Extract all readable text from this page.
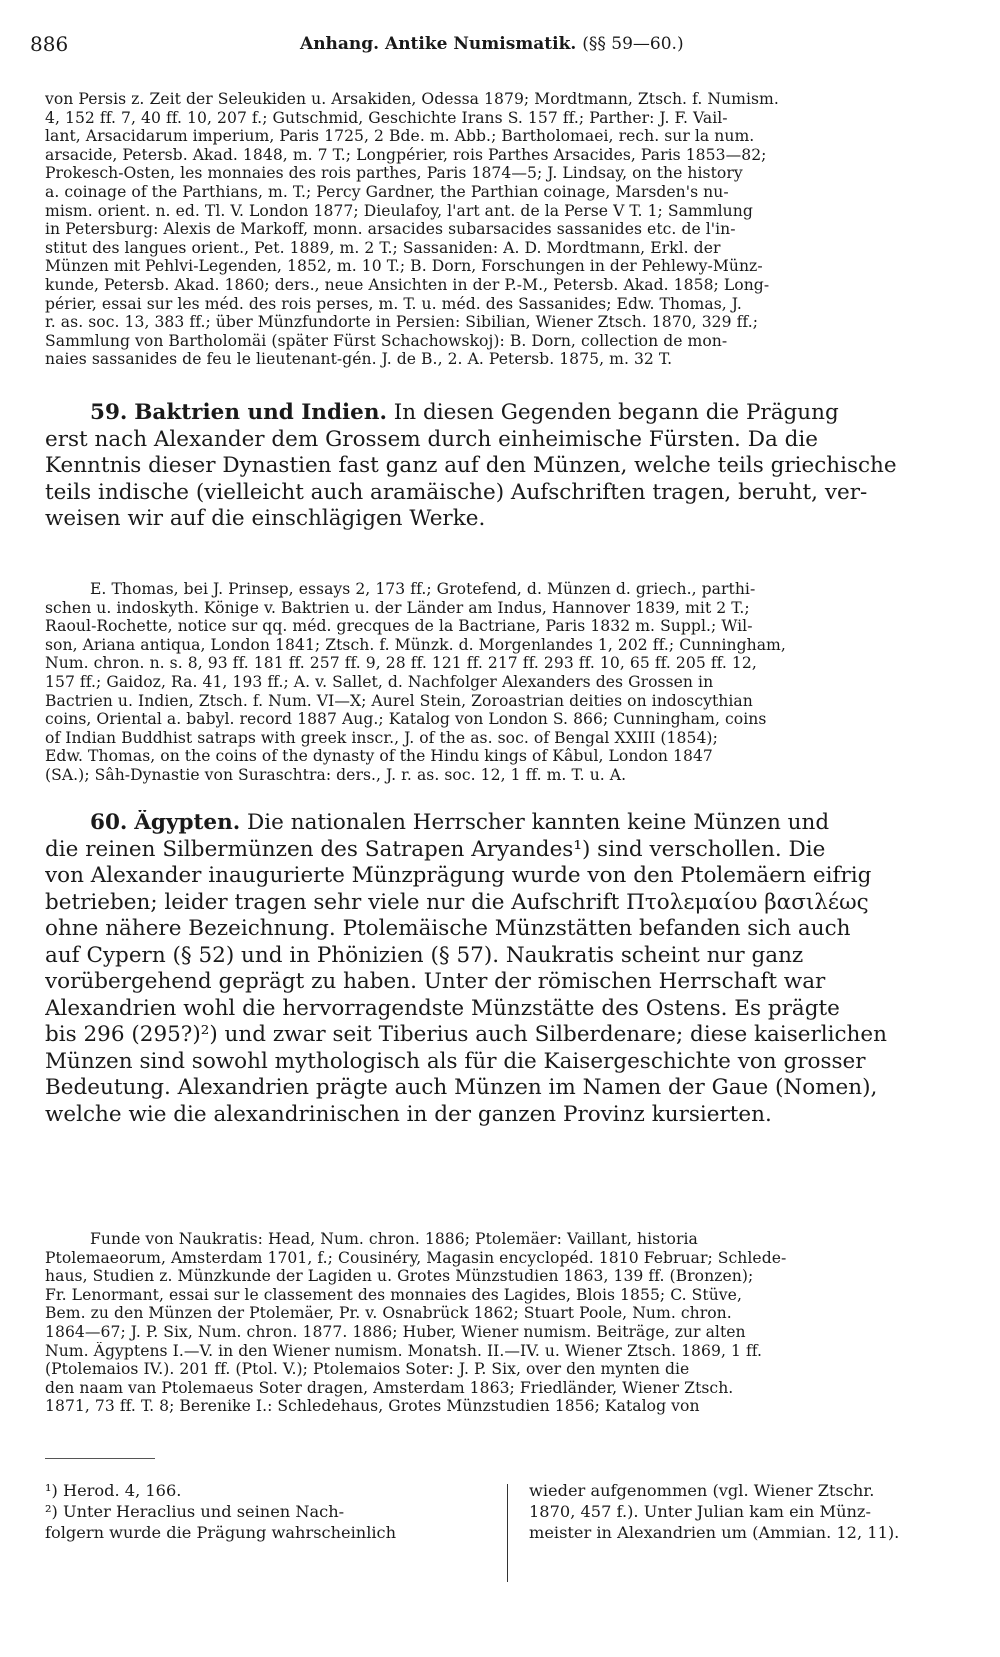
886	Anhang. Antike Numismatik. (§§ 59—60.)
von Persis z. Zeit der Seleukiden u. Arsakiden, Odessa 1879; Mordtmann, Ztsch. f. Numism.
4, 152 ff. 7, 40 ff. 10, 207 f.; Gutschmid, Geschichte Irans S. 157 ff.; Parther: J. F. Vail-
lant, Arsacidarum imperium, Paris 1725, 2 Bde. m. Abb.; Bartholomaei, rech. sur la num.
arsacide, Petersb. Akad. 1848, m. 7 T.; Longpérier, rois Parthes Arsacides, Paris 1853—82;
Prokesch-Osten, les monnaies des rois parthes, Paris 1874—5; J. Lindsay, on the history
a. coinage of the Parthians, m. T.; Percy Gardner, the Parthian coinage, Marsden's nu-
mism. orient. n. ed. Tl. V. London 1877; Dieulafoy, l'art ant. de la Perse V T. 1; Sammlung
in Petersburg: Alexis de Markoff, monn. arsacides subarsacides sassanides etc. de l'in-
stitut des langues orient., Pet. 1889, m. 2 T.; Sassaniden: A. D. Mordtmann, Erkl. der
Münzen mit Pehlvi-Legenden, 1852, m. 10 T.; B. Dorn, Forschungen in der Pehlewy-Münz-
kunde, Petersb. Akad. 1860; ders., neue Ansichten in der P.-M., Petersb. Akad. 1858; Long-
périer, essai sur les méd. des rois perses, m. T. u. méd. des Sassanides; Edw. Thomas, J.
r. as. soc. 13, 383 ff.; über Münzfundorte in Persien: Sibilian, Wiener Ztsch. 1870, 329 ff.;
Sammlung von Bartholomäi (später Fürst Schachowskoj): B. Dorn, collection de mon-
naies sassanides de feu le lieutenant-gén. J. de B., 2. A. Petersb. 1875, m. 32 T.
59. Baktrien und Indien. In diesen Gegenden begann die Prägung
erst nach Alexander dem Grossem durch einheimische Fürsten. Da die
Kenntnis dieser Dynastien fast ganz auf den Münzen, welche teils griechische
teils indische (vielleicht auch aramäische) Aufschriften tragen, beruht, ver-
weisen wir auf die einschlägigen Werke.
E. Thomas, bei J. Prinsep, essays 2, 173 ff.; Grotefend, d. Münzen d. griech., parthi-
schen u. indoskyth. Könige v. Baktrien u. der Länder am Indus, Hannover 1839, mit 2 T.;
Raoul-Rochette, notice sur qq. méd. grecques de la Bactriane, Paris 1832 m. Suppl.; Wil-
son, Ariana antiqua, London 1841; Ztsch. f. Münzk. d. Morgenlandes 1, 202 ff.; Cunningham,
Num. chron. n. s. 8, 93 ff. 181 ff. 257 ff. 9, 28 ff. 121 ff. 217 ff. 293 ff. 10, 65 ff. 205 ff. 12,
157 ff.; Gaidoz, Ra. 41, 193 ff.; A. v. Sallet, d. Nachfolger Alexanders des Grossen in
Bactrien u. Indien, Ztsch. f. Num. VI—X; Aurel Stein, Zoroastrian deities on indoscythian
coins, Oriental a. babyl. record 1887 Aug.; Katalog von London S. 866; Cunningham, coins
of Indian Buddhist satraps with greek inscr., J. of the as. soc. of Bengal XXIII (1854);
Edw. Thomas, on the coins of the dynasty of the Hindu kings of Kâbul, London 1847
(SA.); Sâh-Dynastie von Suraschtra: ders., J. r. as. soc. 12, 1 ff. m. T. u. A.
60. Ägypten. Die nationalen Herrscher kannten keine Münzen und
die reinen Silbermünzen des Satrapen Aryandes¹) sind verschollen. Die
von Alexander inaugurierte Münzprägung wurde von den Ptolemäern eifrig
betrieben; leider tragen sehr viele nur die Aufschrift Πτολεμαίου βασιλέως
ohne nähere Bezeichnung. Ptolemäische Münzstätten befanden sich auch
auf Cypern (§ 52) und in Phönizien (§ 57). Naukratis scheint nur ganz
vorübergehend geprägt zu haben. Unter der römischen Herrschaft war
Alexandrien wohl die hervorragendste Münzstätte des Ostens. Es prägte
bis 296 (295?)²) und zwar seit Tiberius auch Silberdenare; diese kaiserlichen
Münzen sind sowohl mythologisch als für die Kaisergeschichte von grosser
Bedeutung. Alexandrien prägte auch Münzen im Namen der Gaue (Nomen),
welche wie die alexandrinischen in der ganzen Provinz kursierten.
Funde von Naukratis: Head, Num. chron. 1886; Ptolemäer: Vaillant, historia
Ptolemaeorum, Amsterdam 1701, f.; Cousinéry, Magasin encyclopéd. 1810 Februar; Schlede-
haus, Studien z. Münzkunde der Lagiden u. Grotes Münzstudien 1863, 139 ff. (Bronzen);
Fr. Lenormant, essai sur le classement des monnaies des Lagides, Blois 1855; C. Stüve,
Bem. zu den Münzen der Ptolemäer, Pr. v. Osnabrück 1862; Stuart Poole, Num. chron.
1864—67; J. P. Six, Num. chron. 1877. 1886; Huber, Wiener numism. Beiträge, zur alten
Num. Ägyptens I.—V. in den Wiener numism. Monatsh. II.—IV. u. Wiener Ztsch. 1869, 1 ff.
(Ptolemaios IV.). 201 ff. (Ptol. V.); Ptolemaios Soter: J. P. Six, over den mynten die
den naam van Ptolemaeus Soter dragen, Amsterdam 1863; Friedländer, Wiener Ztsch.
1871, 73 ff. T. 8; Berenike I.: Schledehaus, Grotes Münzstudien 1856; Katalog von
¹) Herod. 4, 166.
²) Unter Heraclius und seinen Nach-
folgern wurde die Prägung wahrscheinlich
wieder aufgenommen (vgl. Wiener Ztschr.
1870, 457 f.). Unter Julian kam ein Münz-
meister in Alexandrien um (Ammian. 12, 11).
